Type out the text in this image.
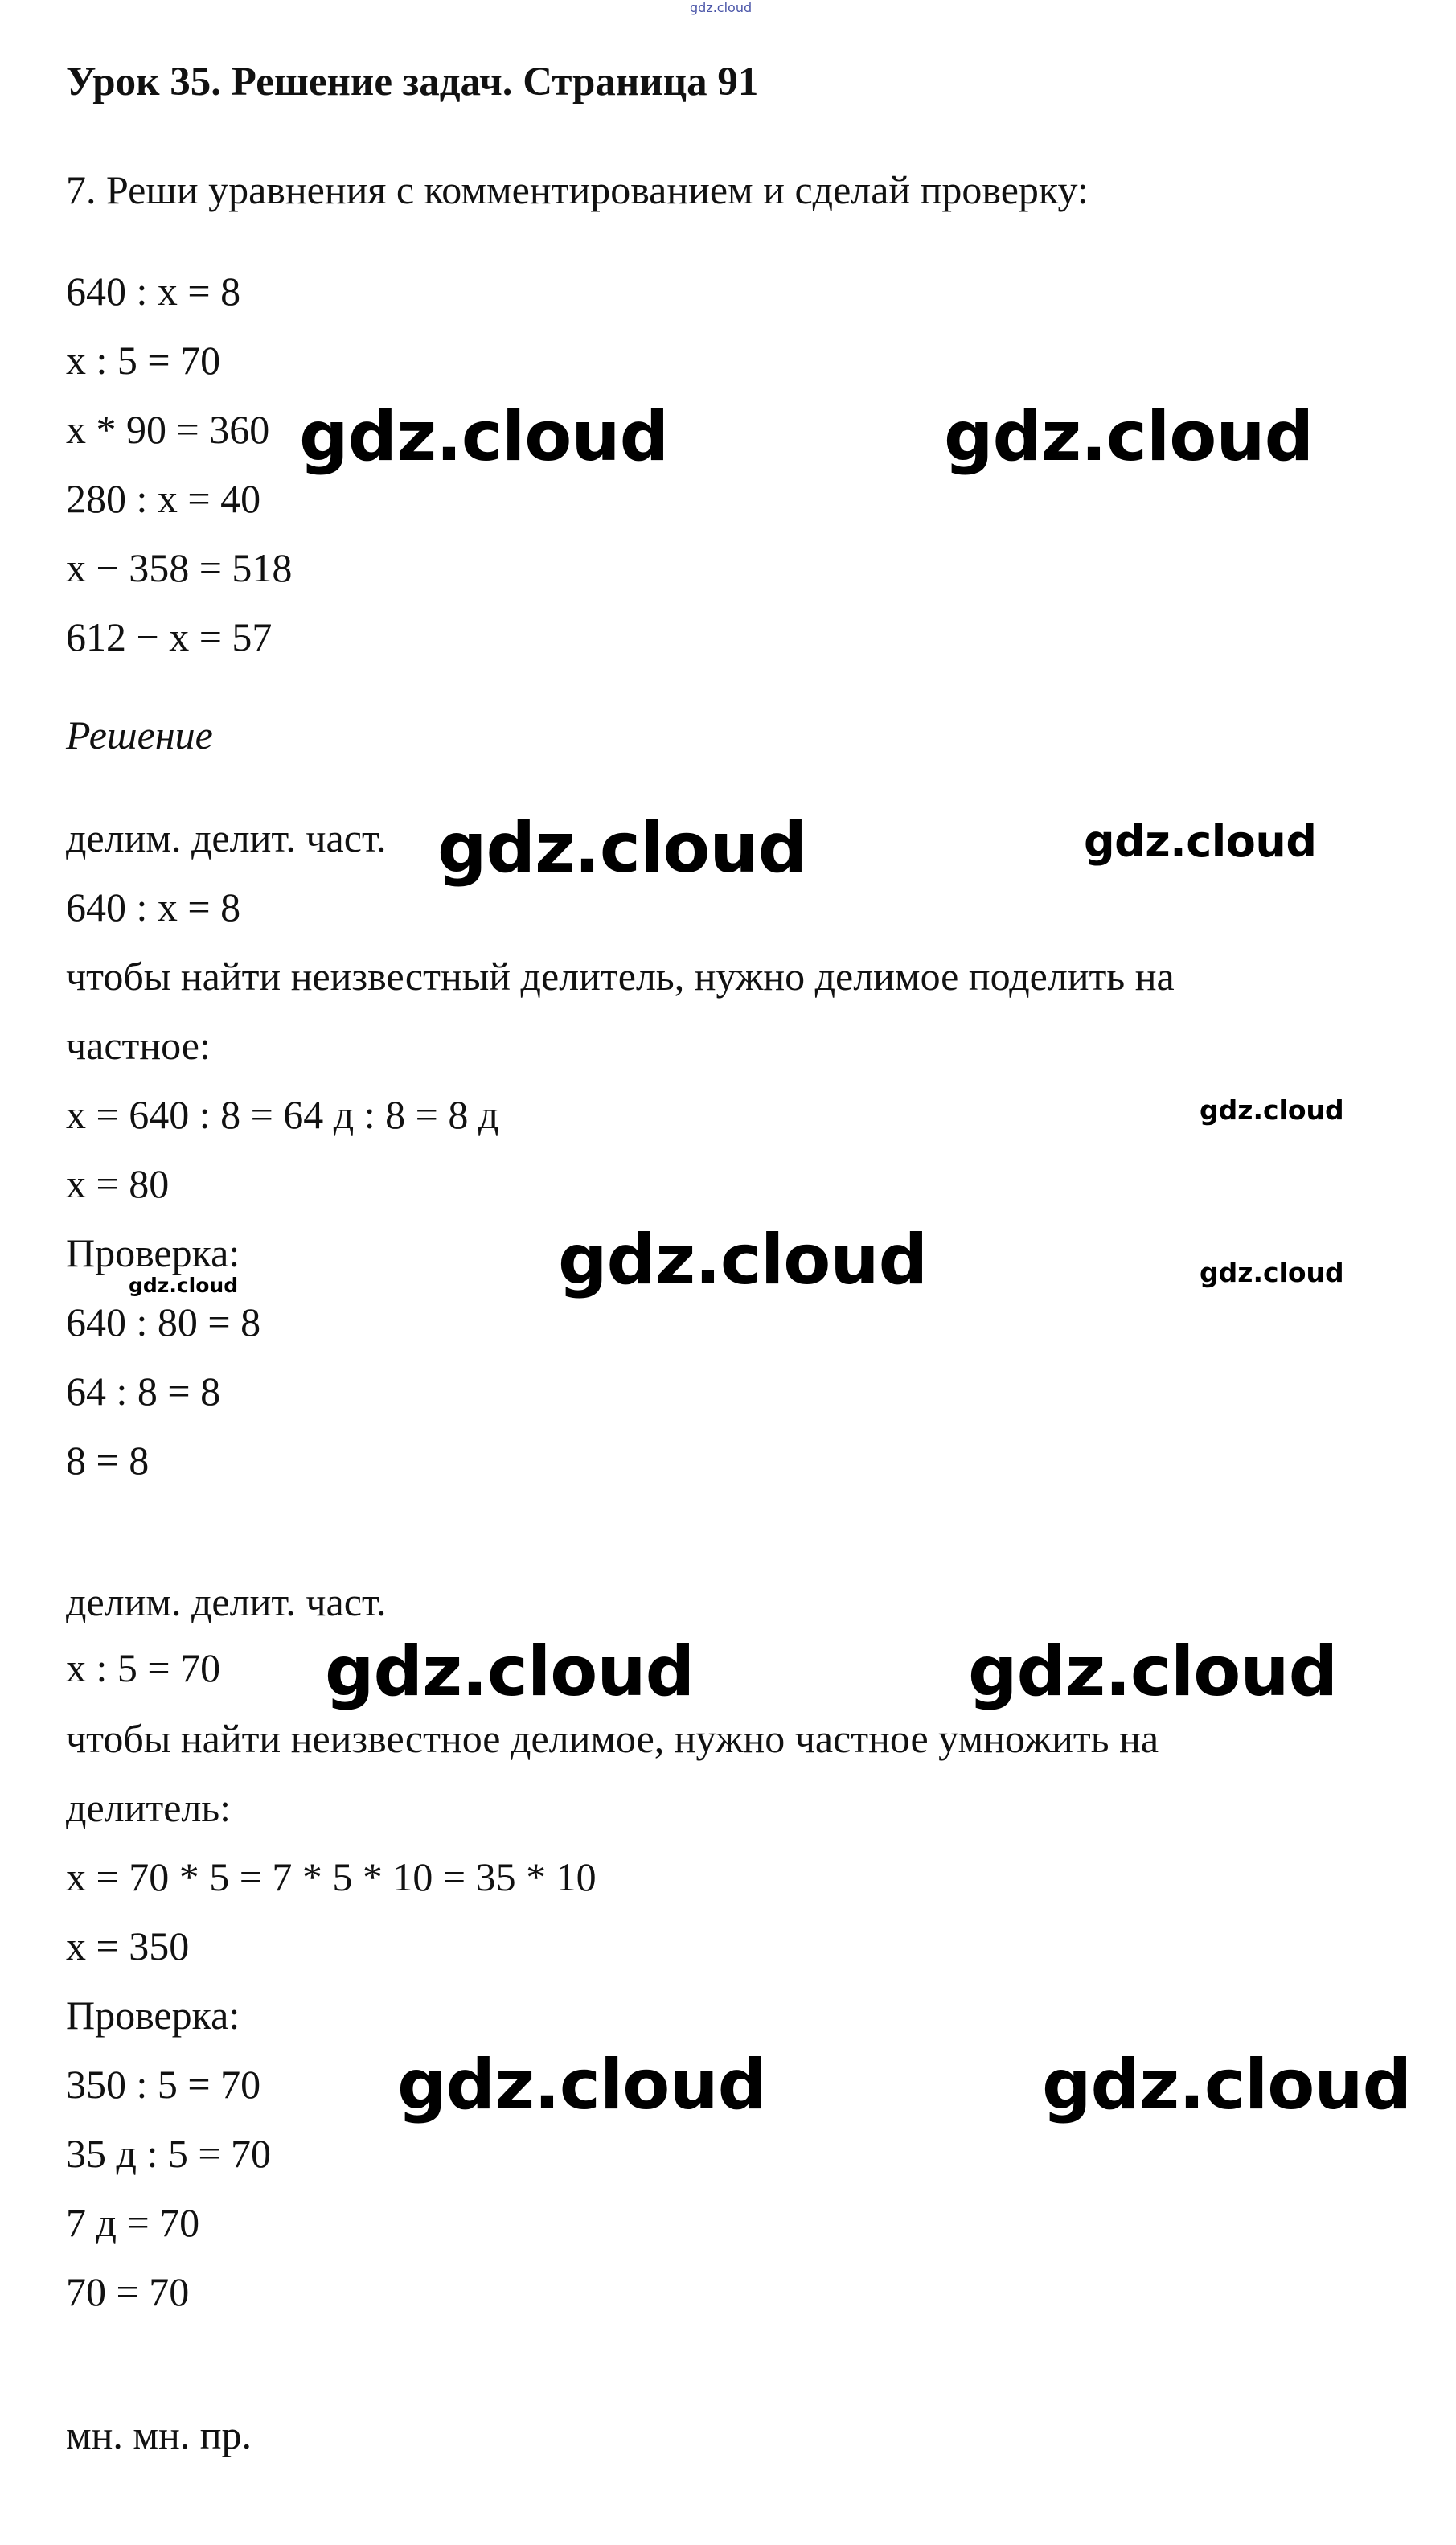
gdz.cloud
Урок 35. Решение задач. Страница 91
7. Реши уравнения с комментированием и сделай проверку:
640 : x = 8
x : 5 = 70
x * 90 = 360
280 : x = 40
x − 358 = 518
612 − x = 57
Решение
делим. делит. част.
640 : x = 8
чтобы найти неизвестный делитель, нужно делимое поделить на
частное:
x = 640 : 8 = 64 д : 8 = 8 д
x = 80
Проверка:
640 : 80 = 8
64 : 8 = 8
8 = 8
делим. делит. част.
x : 5 = 70
чтобы найти неизвестное делимое, нужно частное умножить на
делитель:
x = 70 * 5 = 7 * 5 * 10 = 35 * 10
x = 350
Проверка:
350 : 5 = 70
35 д : 5 = 70
7 д = 70
70 = 70
мн. мн. пр.
gdz.cloud	gdz.cloud
gdz.cloud	gdz.cloud
gdz.cloud
gdz.cloud	gdz.cloud
gdz.cloud
gdz.cloud	gdz.cloud
gdz.cloud	gdz.cloud
